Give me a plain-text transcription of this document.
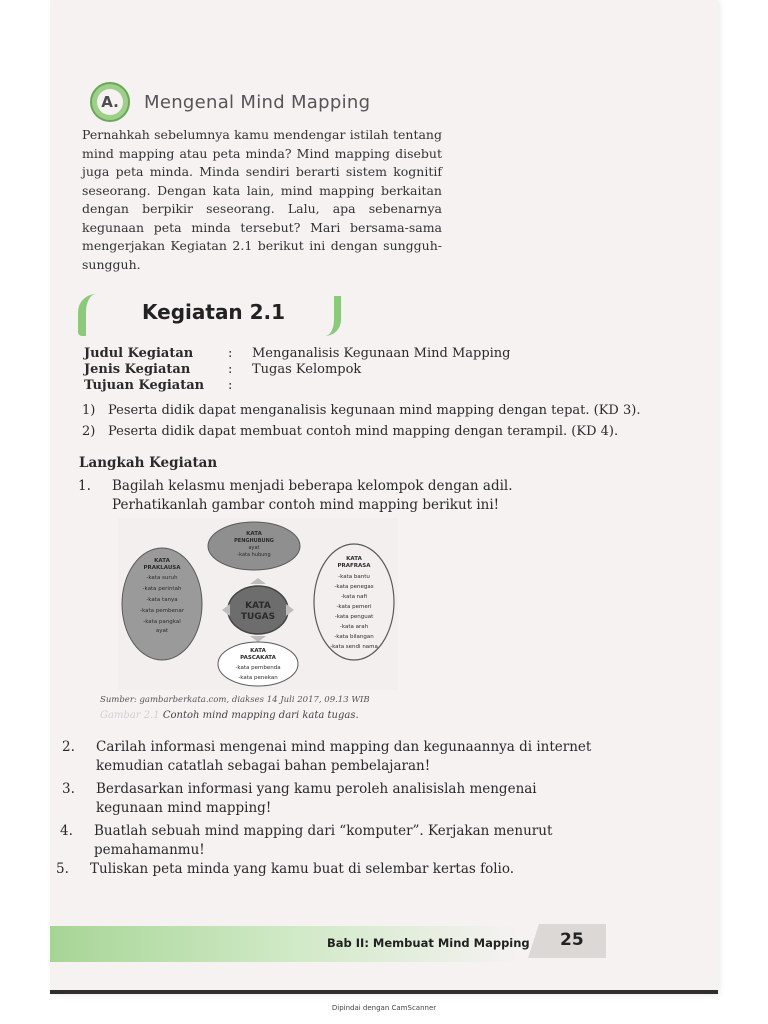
A. Mengenal Mind Mapping
Pernahkah sebelumnya kamu mendengar istilah tentang mind mapping atau peta minda? Mind mapping disebut juga peta minda. Minda sendiri berarti sistem kognitif seseorang. Dengan kata lain, mind mapping berkaitan dengan berpikir seseorang. Lalu, apa sebenarnya kegunaan peta minda tersebut? Mari bersama-sama mengerjakan Kegiatan 2.1 berikut ini dengan sungguh-sungguh.
Kegiatan 2.1
Judul Kegiatan	:	Menganalisis Kegunaan Mind Mapping
Jenis Kegiatan	:	Tugas Kelompok
Tujuan Kegiatan	:
1) Peserta didik dapat menganalisis kegunaan mind mapping dengan tepat. (KD 3).
2) Peserta didik dapat membuat contoh mind mapping dengan terampil. (KD 4).
Langkah Kegiatan
1.	Bagilah kelasmu menjadi beberapa kelompok dengan adil. Perhatikanlah gambar contoh mind mapping berikut ini!
KATA
TUGAS
KATA
PENGHUBUNG
ayat
-kata hubung
KATA
PRAKLAUSA
-kata suruh
-kata perintah
-kata tanya
-kata pembenar
-kata pangkal
ayat
KATA
PRAFRASA
-kata bantu
-kata penegas
-kata nafi
-kata pemeri
-kata penguat
-kata arah
-kata bilangan
-kata sendi nama
KATA
PASCAKATA
-kata pembenda
-kata penekan
Sumber: gambarberkata.com, diakses 14 Juli 2017, 09.13 WIB
Gambar 2.1 Contoh mind mapping dari kata tugas.
2.	Carilah informasi mengenai mind mapping dan kegunaannya di internet kemudian catatlah sebagai bahan pembelajaran!
3.	Berdasarkan informasi yang kamu peroleh analisislah mengenai kegunaan mind mapping!
4.	Buatlah sebuah mind mapping dari “komputer”. Kerjakan menurut pemahamanmu!
5.	Tuliskan peta minda yang kamu buat di selembar kertas folio.
Bab II: Membuat Mind Mapping 25
Dipindai dengan CamScanner
